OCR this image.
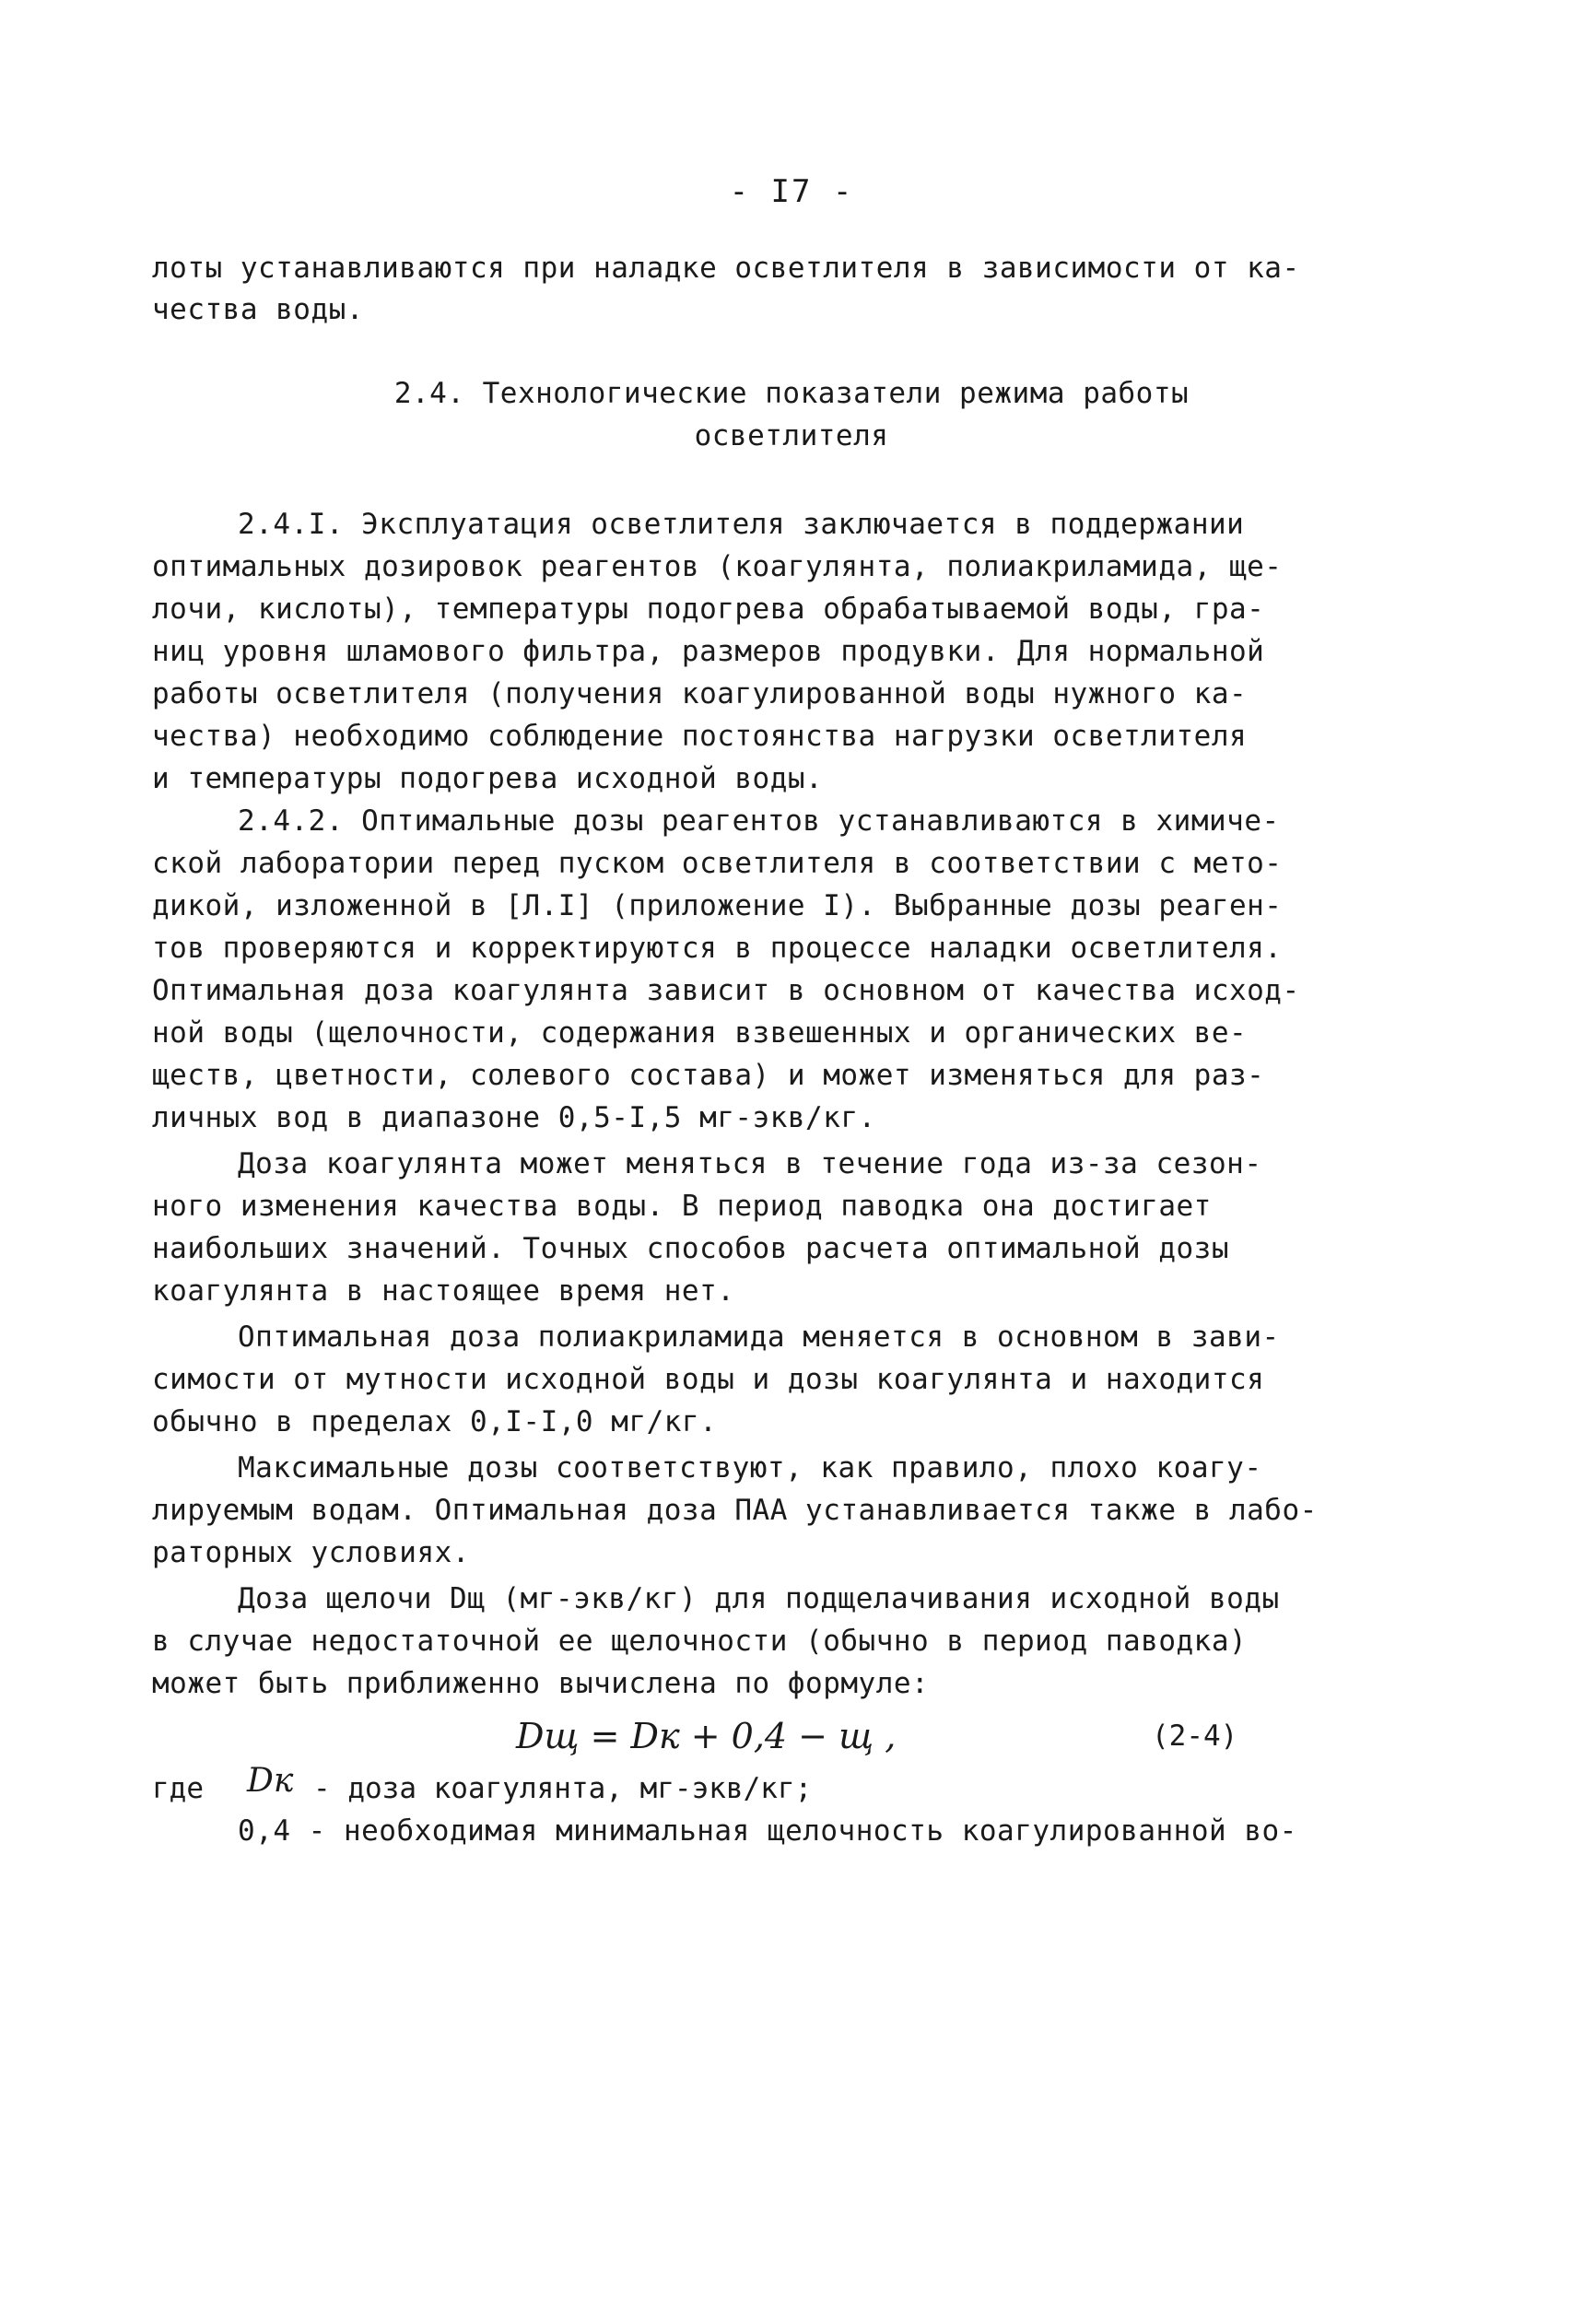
- I7 -
лоты устанавливаются при наладке осветлителя в зависимости от ка-
чества воды.
2.4. Технологические показатели режима работы
осветлителя
2.4.I. Эксплуатация осветлителя заключается в поддержании
оптимальных дозировок реагентов (коагулянта, полиакриламида, ще-
лочи, кислоты), температуры подогрева обрабатываемой воды, гра-
ниц уровня шламового фильтра, размеров продувки. Для нормальной
работы осветлителя (получения коагулированной воды нужного ка-
чества) необходимо соблюдение постоянства нагрузки осветлителя
и температуры подогрева исходной воды.
2.4.2. Оптимальные дозы реагентов устанавливаются в химиче-
ской лаборатории перед пуском осветлителя в соответствии с мето-
дикой, изложенной в [Л.I] (приложение I). Выбранные дозы реаген-
тов проверяются и корректируются в процессе наладки осветлителя.
Оптимальная доза коагулянта зависит в основном от качества исход-
ной воды (щелочности, содержания взвешенных и органических ве-
ществ, цветности, солевого состава) и может изменяться для раз-
личных вод в диапазоне 0,5-I,5 мг-экв/кг.
Доза коагулянта может меняться в течение года из-за сезон-
ного изменения качества воды. В период паводка она достигает
наибольших значений. Точных способов расчета оптимальной дозы
коагулянта в настоящее время нет.
Оптимальная доза полиакриламида меняется в основном в зави-
симости от мутности исходной воды и дозы коагулянта и находится
обычно в пределах 0,I-I,0 мг/кг.
Максимальные дозы соответствуют, как правило, плохо коагу-
лируемым водам. Оптимальная доза ПАА устанавливается также в лабо-
раторных условиях.
Доза щелочи Dщ (мг-экв/кг) для подщелачивания исходной воды
в случае недостаточной ее щелочности (обычно в период паводка)
может быть приближенно вычислена по формуле:
Dщ = Dк + 0,4 − щ ,	(2-4)
где Dк - доза коагулянта, мг-экв/кг;
0,4 - необходимая минимальная щелочность коагулированной во-
